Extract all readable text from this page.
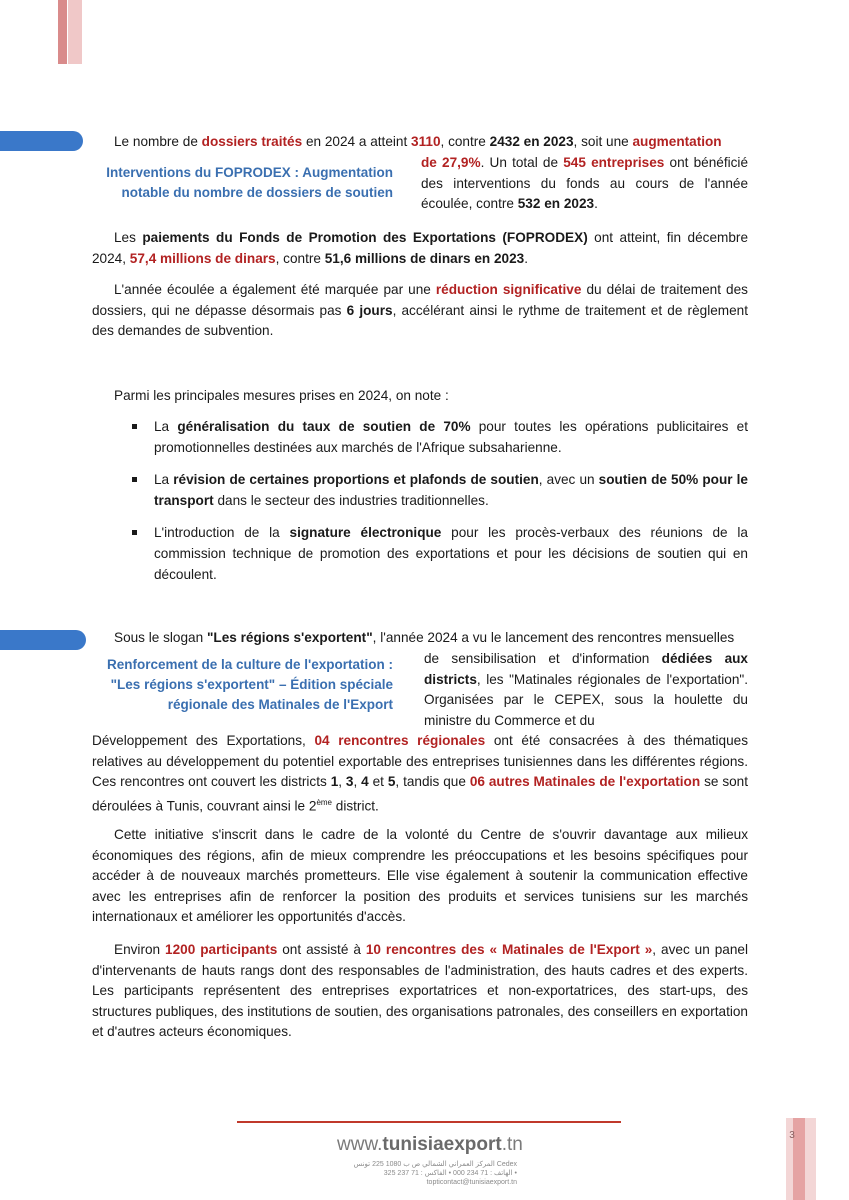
Interventions du FOPRODEX : Augmentation notable du nombre de dossiers de soutien
Le nombre de dossiers traités en 2024 a atteint 3110, contre 2432 en 2023, soit une augmentation
de 27,9%. Un total de 545 entreprises ont bénéficié des interventions du fonds au cours de l'année écoulée, contre 532 en 2023.
Les paiements du Fonds de Promotion des Exportations (FOPRODEX) ont atteint, fin décembre 2024, 57,4 millions de dinars, contre 51,6 millions de dinars en 2023.
L'année écoulée a également été marquée par une réduction significative du délai de traitement des dossiers, qui ne dépasse désormais pas 6 jours, accélérant ainsi le rythme de traitement et de règlement des demandes de subvention.
Parmi les principales mesures prises en 2024, on note :
La généralisation du taux de soutien de 70% pour toutes les opérations publicitaires et promotionnelles destinées aux marchés de l'Afrique subsaharienne.
La révision de certaines proportions et plafonds de soutien, avec un soutien de 50% pour le transport dans le secteur des industries traditionnelles.
L'introduction de la signature électronique pour les procès-verbaux des réunions de la commission technique de promotion des exportations et pour les décisions de soutien qui en découlent.
Renforcement de la culture de l'exportation : "Les régions s'exportent" – Édition spéciale régionale des Matinales de l'Export
Sous le slogan "Les régions s'exportent", l'année 2024 a vu le lancement des rencontres mensuelles
de sensibilisation et d'information dédiées aux districts, les "Matinales régionales de l'exportation". Organisées par le CEPEX, sous la houlette du ministre du Commerce et du
Développement des Exportations, 04 rencontres régionales ont été consacrées à des thématiques relatives au développement du potentiel exportable des entreprises tunisiennes dans les différentes régions. Ces rencontres ont couvert les districts 1, 3, 4 et 5, tandis que 06 autres Matinales de l'exportation se sont déroulées à Tunis, couvrant ainsi le 2ème district.
Cette initiative s'inscrit dans le cadre de la volonté du Centre de s'ouvrir davantage aux milieux économiques des régions, afin de mieux comprendre les préoccupations et les besoins spécifiques pour accéder à de nouveaux marchés prometteurs. Elle vise également à soutenir la communication effective avec les entreprises afin de renforcer la position des produits et services tunisiens sur les marchés internationaux et améliorer les opportunités d'accès.
Environ 1200 participants ont assisté à 10 rencontres des « Matinales de l'Export », avec un panel d'intervenants de hauts rangs dont des responsables de l'administration, des hauts cadres et des experts. Les participants représentent des entreprises exportatrices et non-exportatrices, des start-ups, des structures publiques, des institutions de soutien, des organisations patronales, des conseillers en exportation et d'autres acteurs économiques.
www.tunisiaexport.tn
المركز العمراني الشمالي ص ب 1080 225 تونس Cedex
الهاتف : 71 234 000 • الفاكس : 71 237 325 • topticontact@tunisiaexport.tn
3
